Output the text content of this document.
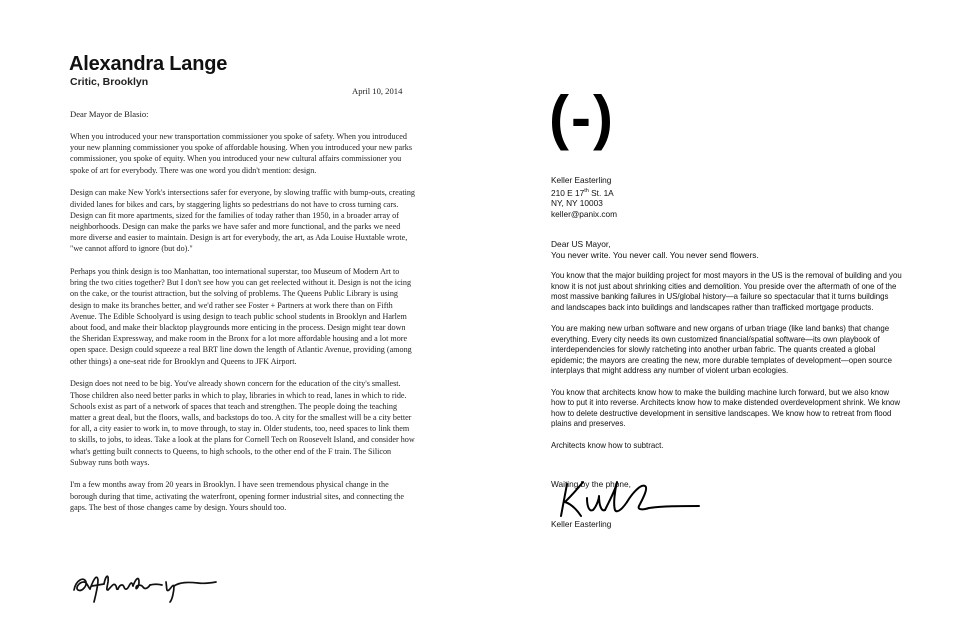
Alexandra Lange
Critic, Brooklyn
April 10, 2014
Dear Mayor de Blasio:

When you introduced your new transportation commissioner you spoke of safety. When you introduced your new planning commissioner you spoke of affordable housing. When you introduced your new parks commissioner, you spoke of equity. When you introduced your new cultural affairs commissioner you spoke of art for everybody. There was one word you didn't mention: design.

Design can make New York's intersections safer for everyone, by slowing traffic with bump-outs, creating divided lanes for bikes and cars, by staggering lights so pedestrians do not have to cross turning cars. Design can fit more apartments, sized for the families of today rather than 1950, in a broader array of neighborhoods. Design can make the parks we have safer and more functional, and the parks we need more diverse and easier to maintain. Design is art for everybody, the art, as Ada Louise Huxtable wrote, "we cannot afford to ignore (but do)."

Perhaps you think design is too Manhattan, too international superstar, too Museum of Modern Art to bring the two cities together? But I don't see how you can get reelected without it. Design is not the icing on the cake, or the tourist attraction, but the solving of problems. The Queens Public Library is using design to make its branches better, and we'd rather see Foster + Partners at work there than on Fifth Avenue. The Edible Schoolyard is using design to teach public school students in Brooklyn and Harlem about food, and make their blacktop playgrounds more enticing in the process. Design might tear down the Sheridan Expressway, and make room in the Bronx for a lot more affordable housing and a lot more open space. Design could squeeze a real BRT line down the length of Atlantic Avenue, providing (among other things) a one-seat ride for Brooklyn and Queens to JFK Airport.

Design does not need to be big. You've already shown concern for the education of the city's smallest. Those children also need better parks in which to play, libraries in which to read, lanes in which to ride. Schools exist as part of a network of spaces that teach and strengthen. The people doing the teaching matter a great deal, but the floors, walls, and backstops do too. A city for the smallest will be a city better for all, a city easier to work in, to move through, to stay in. Older students, too, need spaces to link them to skills, to jobs, to ideas. Take a look at the plans for Cornell Tech on Roosevelt Island, and consider how what's getting built connects to Queens, to high schools, to the other end of the F train. The Silicon Subway runs both ways.

I'm a few months away from 20 years in Brooklyn. I have seen tremendous physical change in the borough during that time, activating the waterfront, opening former industrial sites, and connecting the gaps. The best of those changes came by design. Yours should too.

(-)
Keller Easterling
210 E 17th St. 1A
NY, NY 10003
keller@panix.com
Dear US Mayor,
You never write. You never call. You never send flowers.

You know that the major building project for most mayors in the US is the removal of building and you know it is not just about shrinking cities and demolition. You preside over the aftermath of one of the most massive banking failures in US/global history—a failure so spectacular that it turns buildings and landscapes back into buildings and landscapes rather than trafficked mortgage products.

You are making new urban software and new organs of urban triage (like land banks) that change everything. Every city needs its own customized financial/spatial software—its own playbook of interdependencies for slowly ratcheting into another urban fabric. The quants created a global epidemic; the mayors are creating the new, more durable templates of development—open source interplays that might address any number of violent urban ecologies.

You know that architects know how to make the building machine lurch forward, but we also know how to put it into reverse. Architects know how to make distended overdevelopment shrink. We know how to delete destructive development in sensitive landscapes. We know how to retreat from flood plains and preserves.

Architects know how to subtract.

Waiting by the phone,
Keller Easterling
